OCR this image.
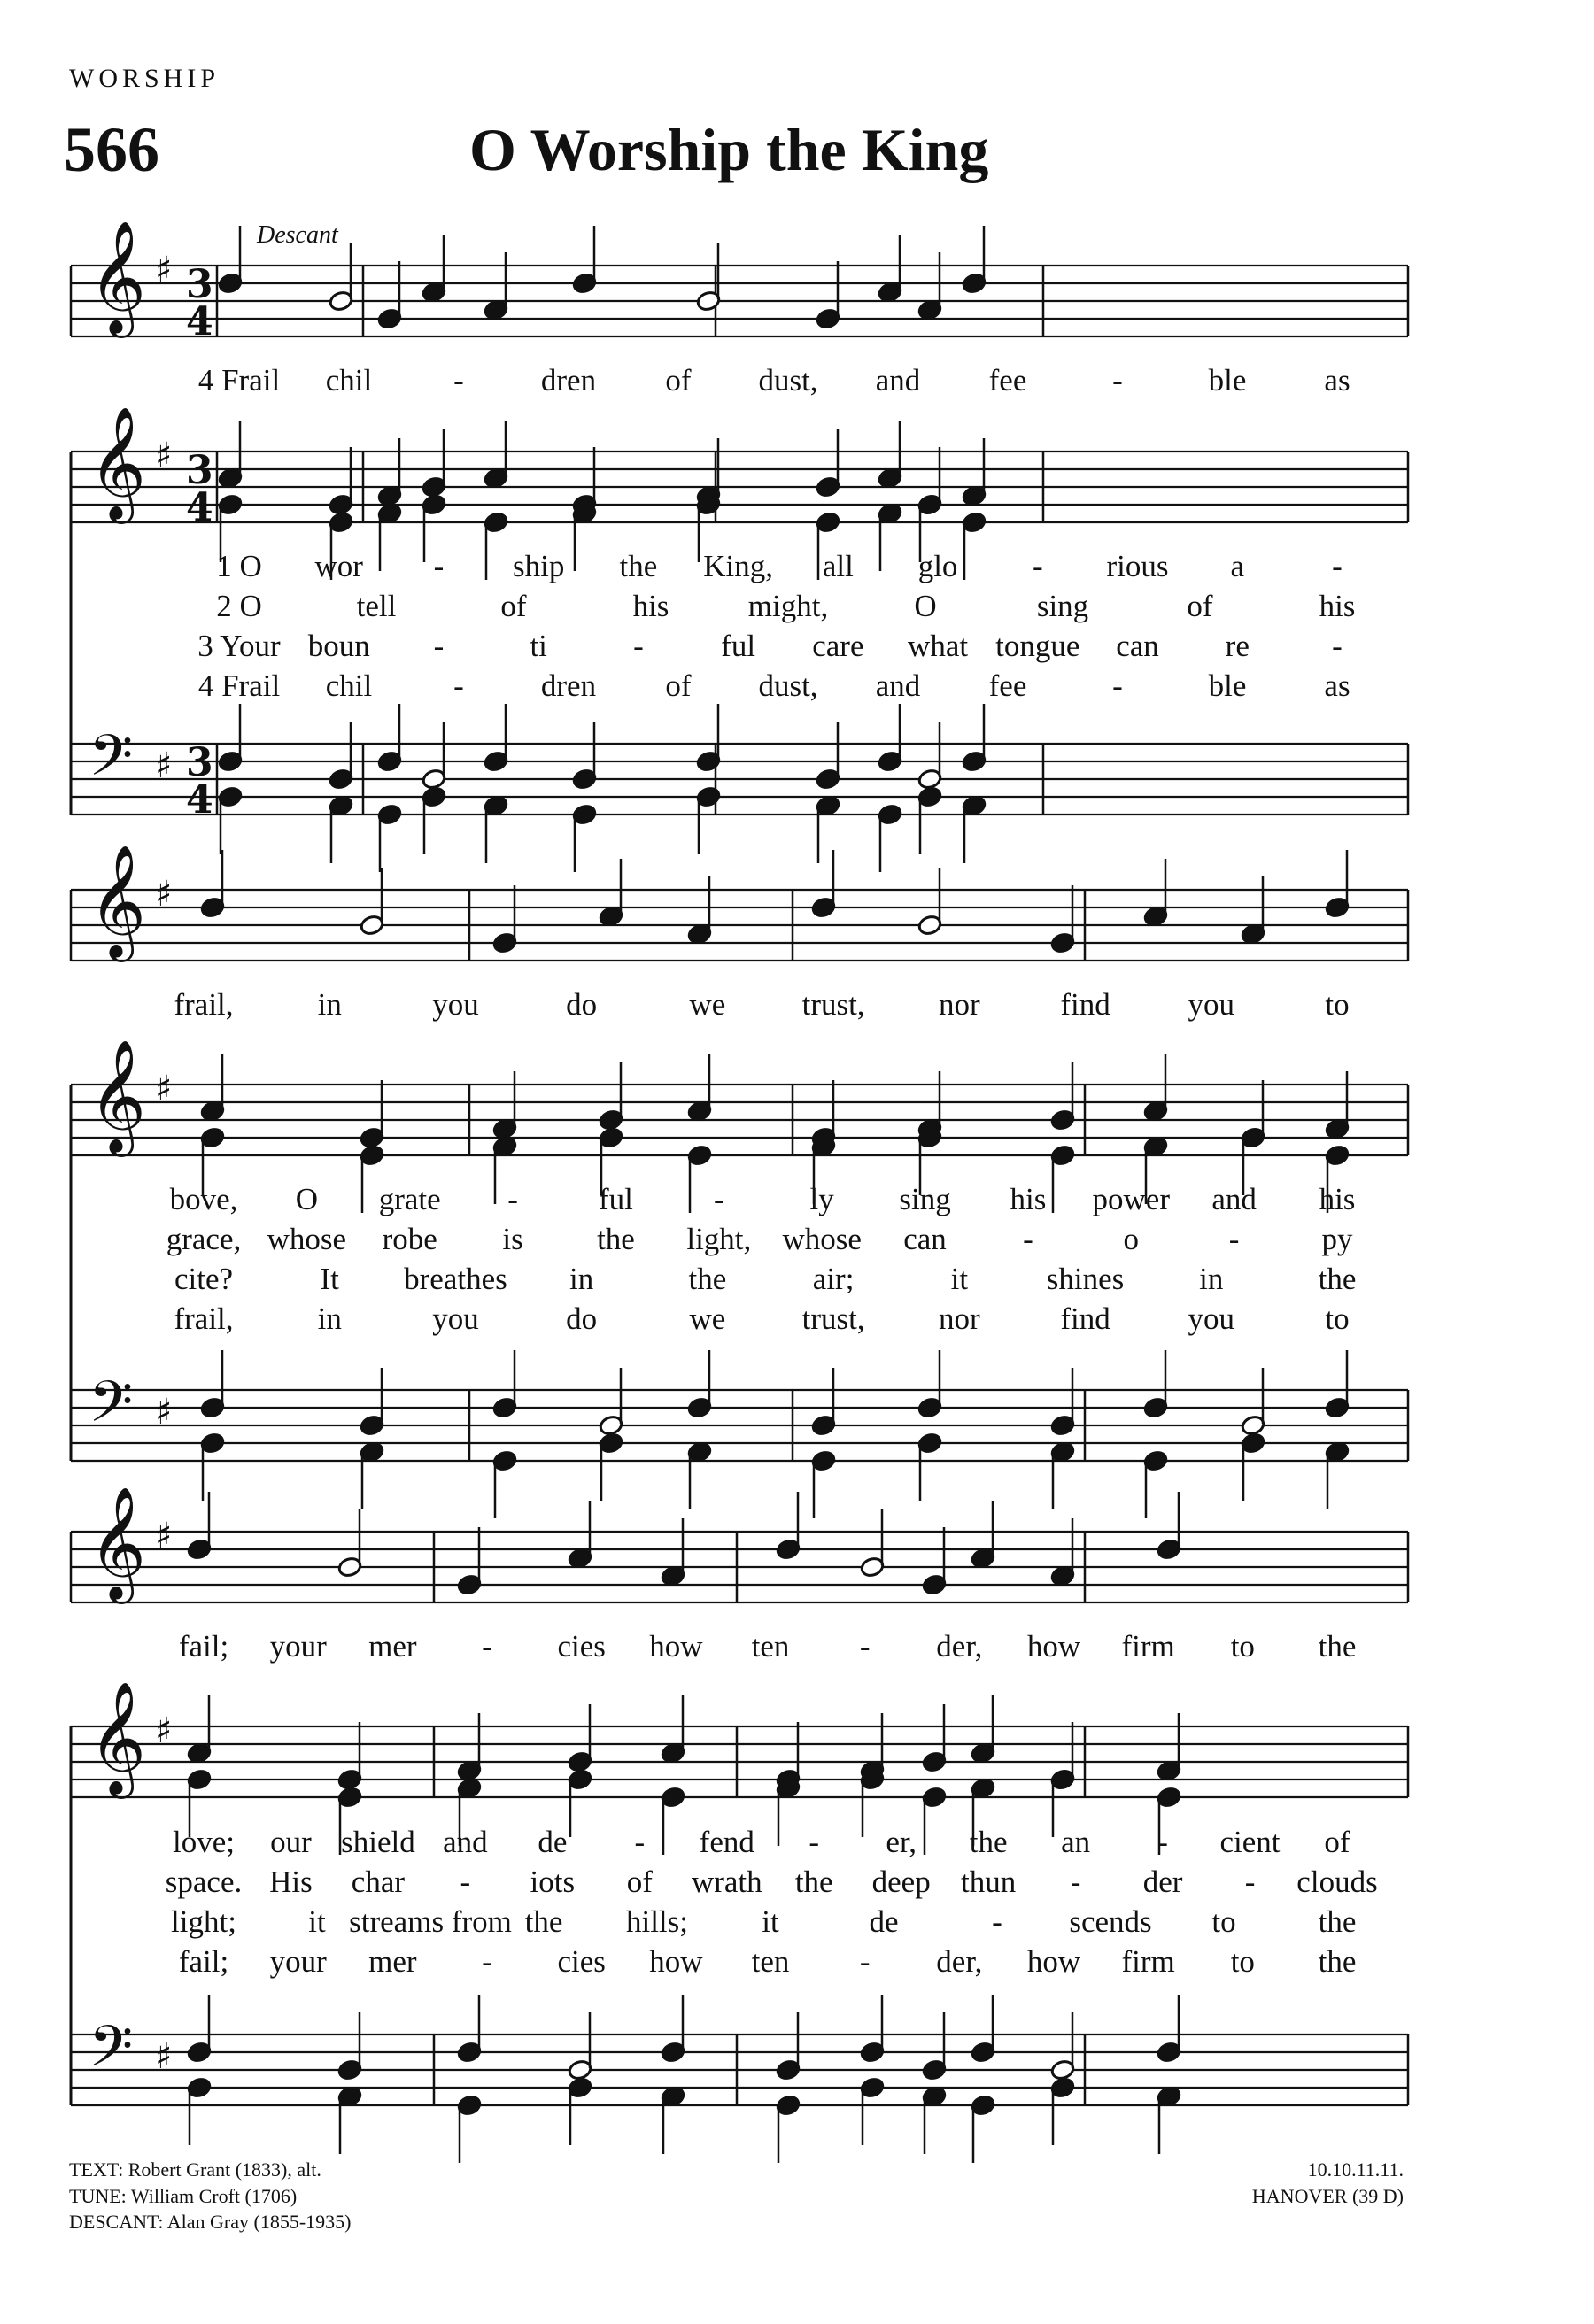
WORSHIP
566	O Worship the King
Descant
𝄞
𝄞
𝄢
♯
♯
♯
3
4
3
4
3
4
𝄞
𝄞
𝄢
♯
♯
♯
𝄞
𝄞
𝄢
♯
♯
♯
4 Frail chil	- dren of dust, and fee	-	ble	as
1 O wor - ship the King, all glo - rious a	-
2 O	tell	of	his	might,	O	sing	of	his
3 Your boun -	ti	- ful care what tongue can re	-
4 Frail chil	- dren of dust, and fee	-	ble	as
frail,	in	you	do	we trust, nor	find	you	to
bove, O grate -	ful	-	ly sing his power and his
grace, whose robe is the light, whose can -	o	-	py
cite?	It breathes in	the	air;	it	shines in	the
frail,	in	you	do	we trust, nor	find	you	to
fail; your mer - cies how ten - der, how firm to the
love; our shield and de - fend - er, the an - cient of
space. His char - iots of wrath the deep thun - der - clouds
light; it streams from the hills; it	de	- scends to	the
fail; your mer - cies how ten - der, how firm to the
TEXT: Robert Grant (1833), alt.
TUNE: William Croft (1706)
DESCANT: Alan Gray (1855-1935)
10.10.11.11.
HANOVER (39 D)
